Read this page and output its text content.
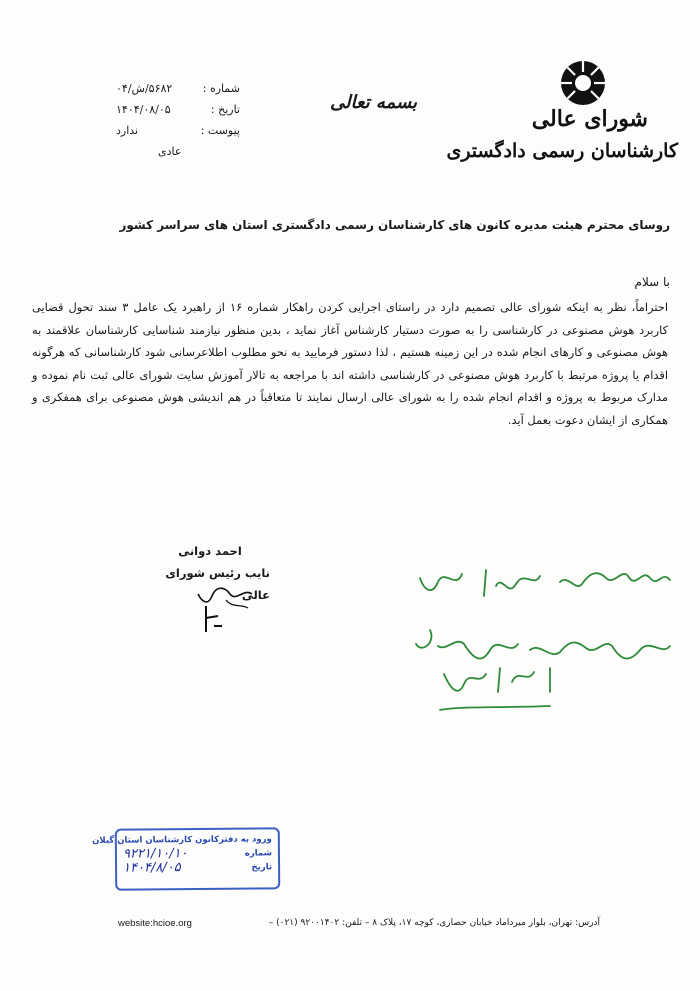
شورای عالی
کارشناسان رسمی دادگستری
بسمه تعالی
شماره :
۵۶۸۲/ش/۰۴
تاریخ :
۱۴۰۴/۰۸/۰۵
پیوست :
ندارد
عادی
روسای محترم هیئت مدیره کانون های کارشناسان رسمی دادگستری استان های سراسر کشور
با سلام
احتراماً، نظر به اینکه شورای عالی تصمیم دارد در راستای اجرایی کردن راهکار شماره ۱۶ از راهبرد یک عامل ۳ سند تحول قضایی کاربرد هوش مصنوعی در کارشناسی را به صورت دستیار کارشناس آغاز نماید ، بدین منظور نیازمند شناسایی کارشناسان علاقمند به هوش مصنوعی و کارهای انجام شده در این زمینه هستیم ، لذا دستور فرمایید به نحو مطلوب اطلاعرسانی شود کارشناسانی که هرگونه اقدام یا پروژه مرتبط با کاربرد هوش مصنوعی در کارشناسی داشته اند با مراجعه به تالار آموزش سایت شورای عالی ثبت نام نموده و مدارک مربوط به پروژه و اقدام انجام شده را به شورای عالی ارسال نمایند تا متعاقباً در هم اندیشی هوش مصنوعی برای همفکری و همکاری از ایشان دعوت بعمل آید.
احمد دوانی
نایب رئیس شورای عالی
ورود به دفترکانون کارشناسان استان گیلان
شماره
۹۲۲۱/۱۰/۱۰
تاریخ
۱۴۰۴/۸/۰۵
آدرس: تهران، بلوار میرداماد خیابان حصاری، کوچه ۱۷، پلاک ۸ – تلفن: ۹۲۰۰۱۴۰۲ (۰۲۱) –
website:hcioe.org
